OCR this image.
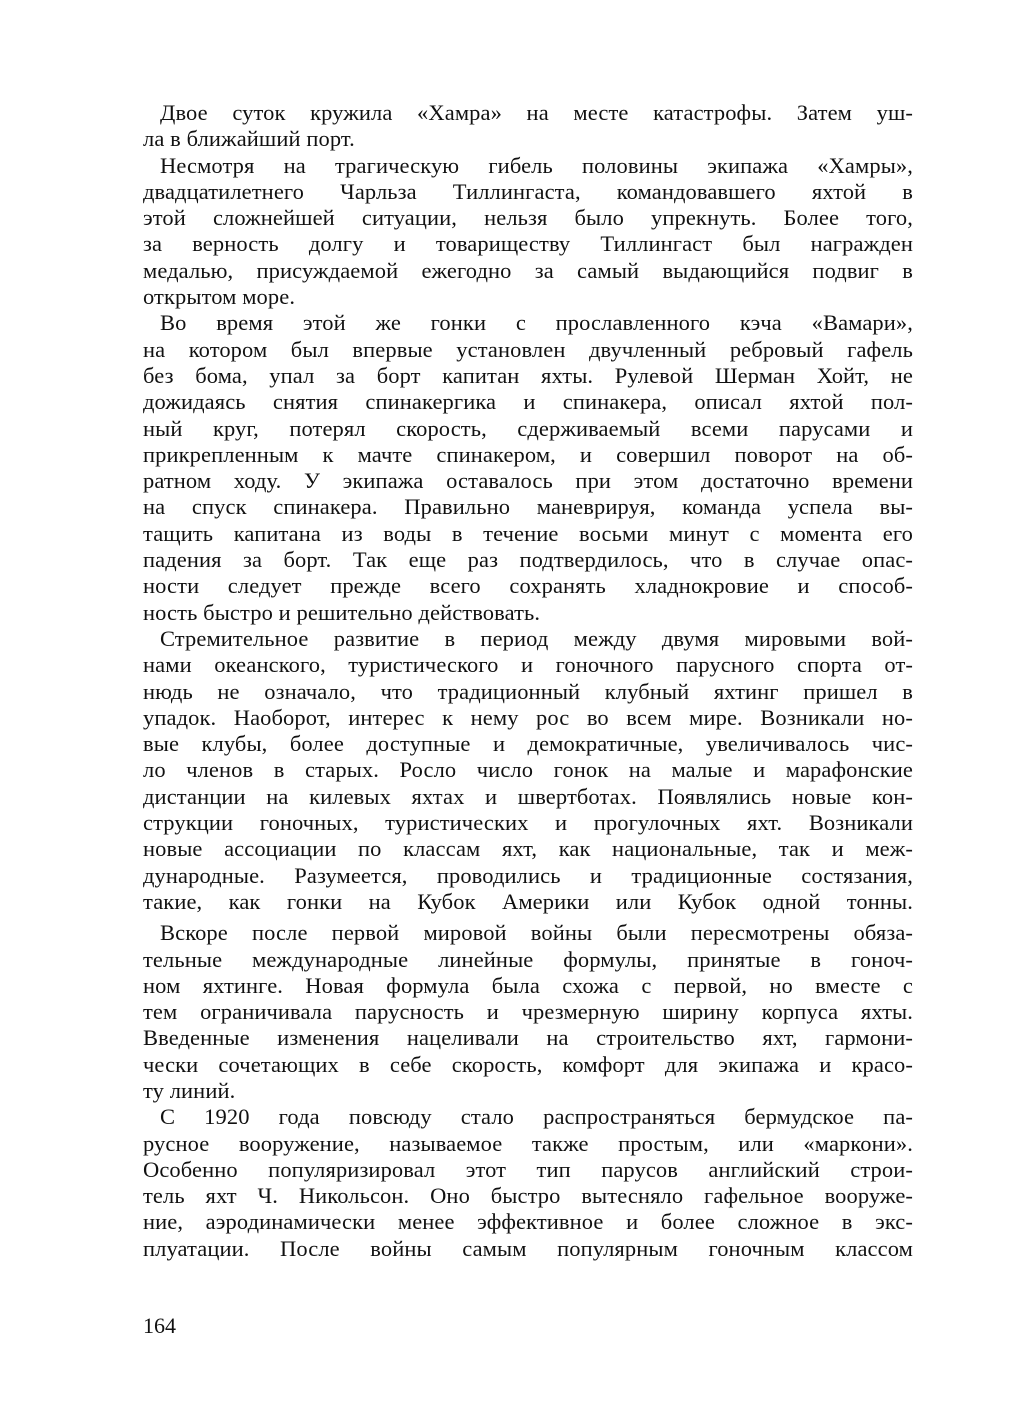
Двое суток кружила «Хамра» на месте катастрофы. Затем уш-
ла в ближайший порт.
Несмотря на трагическую гибель половины экипажа «Хамры»,
двадцатилетнего Чарльза Тиллингаста, командовавшего яхтой в
этой сложнейшей ситуации, нельзя было упрекнуть. Более того,
за верность долгу и товариществу Тиллингаст был награжден
медалью, присуждаемой ежегодно за самый выдающийся подвиг в
открытом море.
Во время этой же гонки с прославленного кэча «Вамари»,
на котором был впервые установлен двучленный ребровый гафель
без бома, упал за борт капитан яхты. Рулевой Шерман Хойт, не
дожидаясь снятия спинакергика и спинакера, описал яхтой пол-
ный круг, потерял скорость, сдерживаемый всеми парусами и
прикрепленным к мачте спинакером, и совершил поворот на об-
ратном ходу. У экипажа оставалось при этом достаточно времени
на спуск спинакера. Правильно маневрируя, команда успела вы-
тащить капитана из воды в течение восьми минут с момента его
падения за борт. Так еще раз подтвердилось, что в случае опас-
ности следует прежде всего сохранять хладнокровие и способ-
ность быстро и решительно действовать.
Стремительное развитие в период между двумя мировыми вой-
нами океанского, туристического и гоночного парусного спорта от-
нюдь не означало, что традиционный клубный яхтинг пришел в
упадок. Наоборот, интерес к нему рос во всем мире. Возникали но-
вые клубы, более доступные и демократичные, увеличивалось чис-
ло членов в старых. Росло число гонок на малые и марафонские
дистанции на килевых яхтах и швертботах. Появлялись новые кон-
струкции гоночных, туристических и прогулочных яхт. Возникали
новые ассоциации по классам яхт, как национальные, так и меж-
дународные. Разумеется, проводились и традиционные состязания,
такие, как гонки на Кубок Америки или Кубок одной тонны.
Вскоре после первой мировой войны были пересмотрены обяза-
тельные международные линейные формулы, принятые в гоноч-
ном яхтинге. Новая формула была схожа с первой, но вместе с
тем ограничивала парусность и чрезмерную ширину корпуса яхты.
Введенные изменения нацеливали на строительство яхт, гармони-
чески сочетающих в себе скорость, комфорт для экипажа и красо-
ту линий.
С 1920 года повсюду стало распространяться бермудское па-
русное вооружение, называемое также простым, или «маркони».
Особенно популяризировал этот тип парусов английский строи-
тель яхт Ч. Никольсон. Оно быстро вытесняло гафельное вооруже-
ние, аэродинамически менее эффективное и более сложное в экс-
плуатации. После войны самым популярным гоночным классом
164
